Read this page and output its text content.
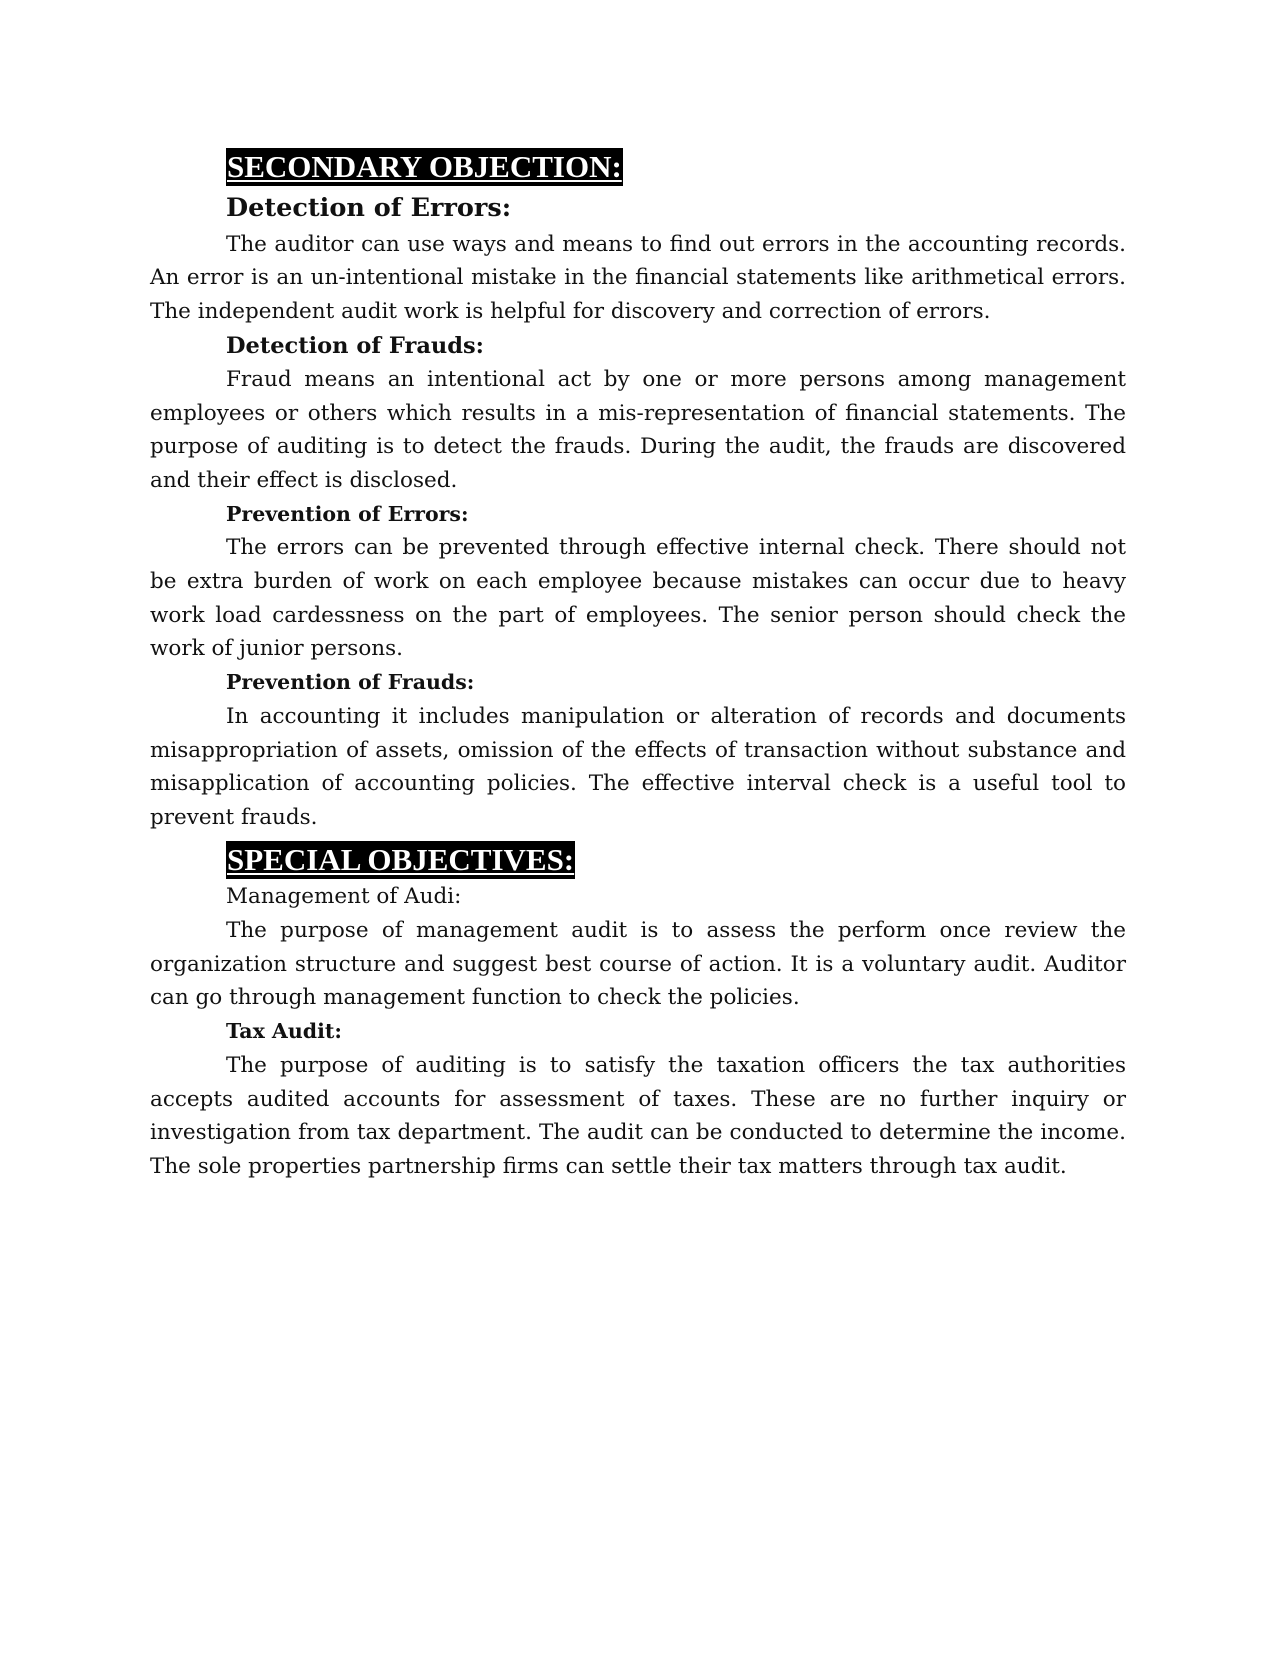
SECONDARY OBJECTION:
Detection of Errors:

The auditor can use ways and means to find out errors in the accounting records. An error is an un-intentional mistake in the financial statements like arithmetical errors. The independent audit work is helpful for discovery and correction of errors.

Detection of Frauds:

Fraud means an intentional act by one or more persons among management employees or others which results in a mis-representation of financial statements. The purpose of auditing is to detect the frauds. During the audit, the frauds are discovered and their effect is disclosed.

Prevention of Errors:

The errors can be prevented through effective internal check. There should not be extra burden of work on each employee because mistakes can occur due to heavy work load cardessness on the part of employees. The senior person should check the work of junior persons.

Prevention of Frauds:

In accounting it includes manipulation or alteration of records and documents misappropriation of assets, omission of the effects of transaction without substance and misapplication of accounting policies. The effective interval check is a useful tool to prevent frauds.

SPECIAL OBJECTIVES:
Management of Audi:

The purpose of management audit is to assess the perform once review the organization structure and suggest best course of action. It is a voluntary audit. Auditor can go through management function to check the policies.

Tax Audit:

The purpose of auditing is to satisfy the taxation officers the tax authorities accepts audited accounts for assessment of taxes. These are no further inquiry or investigation from tax department. The audit can be conducted to determine the income. The sole properties partnership firms can settle their tax matters through tax audit.
